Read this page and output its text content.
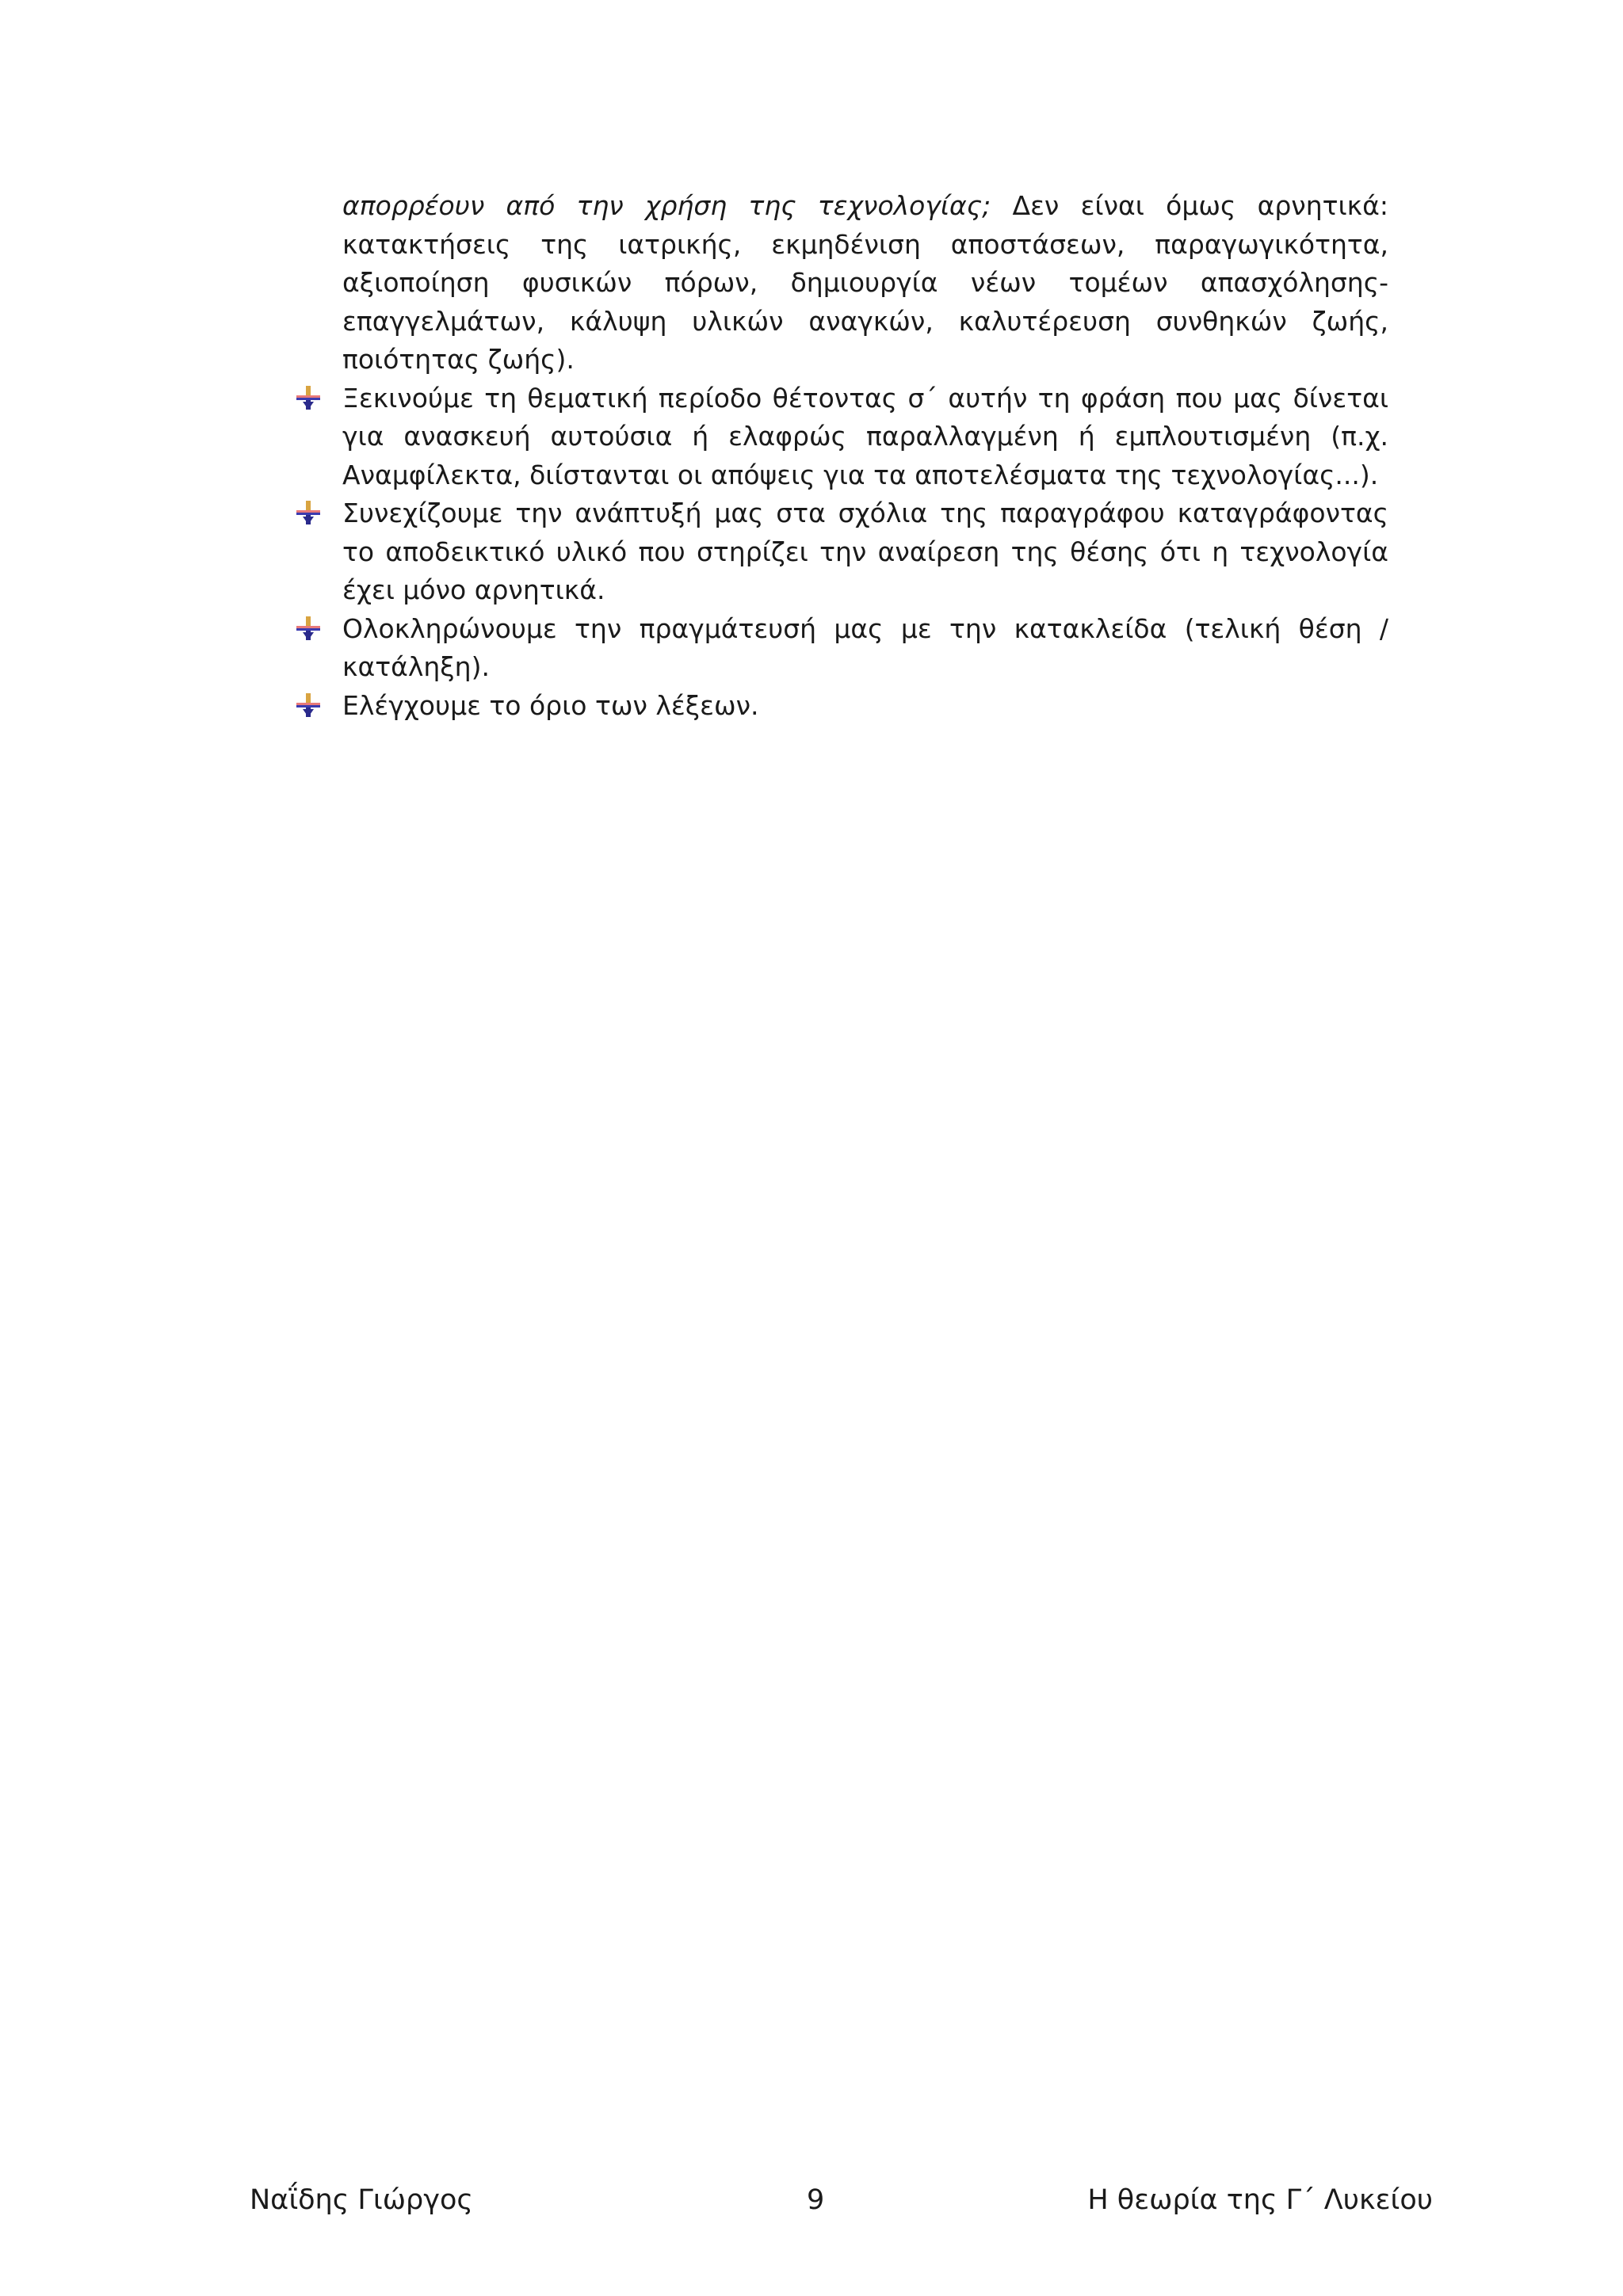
απορρέουν από την χρήση της τεχνολογίας; Δεν είναι όμως αρνητικά: κατακτήσεις της ιατρικής, εκμηδένιση αποστάσεων, παραγωγικότητα, αξιοποίηση φυσικών πόρων, δημιουργία νέων τομέων απασχόλησης-επαγγελμάτων, κάλυψη υλικών αναγκών, καλυτέρευση συνθηκών ζωής, ποιότητας ζωής).

Ξεκινούμε τη θεματική περίοδο θέτοντας σ΄ αυτήν τη φράση που μας δίνεται για ανασκευή αυτούσια ή ελαφρώς παραλλαγμένη ή εμπλουτισμένη (π.χ. Αναμφίλεκτα, διίστανται οι απόψεις για τα αποτελέσματα της τεχνολογίας...).

Συνεχίζουμε την ανάπτυξή μας στα σχόλια της παραγράφου καταγράφοντας το αποδεικτικό υλικό που στηρίζει την αναίρεση της θέσης ότι η τεχνολογία έχει μόνο αρνητικά.

Ολοκληρώνουμε την πραγμάτευσή μας με την κατακλείδα (τελική θέση / κατάληξη).

Ελέγχουμε το όριο των λέξεων.

Ναΐδης Γιώργος	9	Η θεωρία της Γ΄ Λυκείου
